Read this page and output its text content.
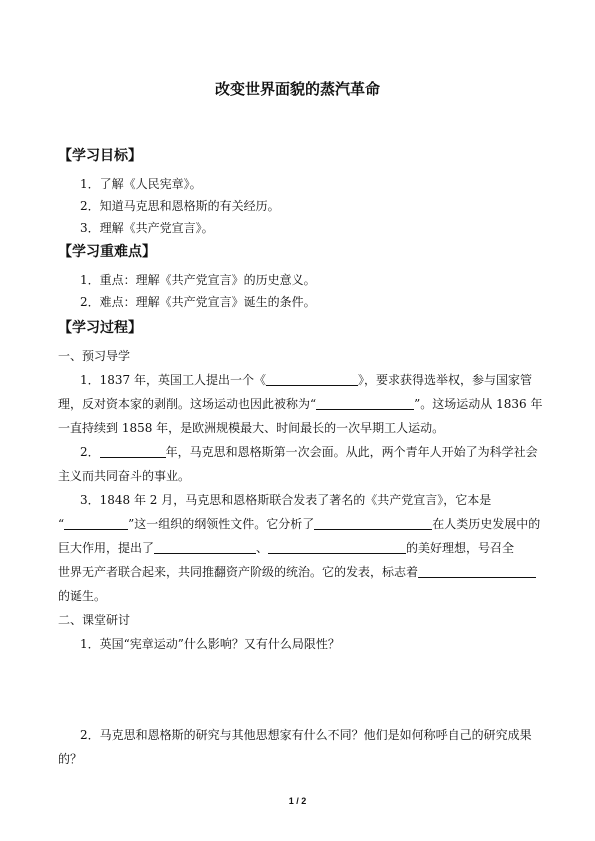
改变世界面貌的蒸汽革命
【学习目标】
1．了解《人民宪章》。
2．知道马克思和恩格斯的有关经历。
3．理解《共产党宣言》。
【学习重难点】
1．重点：理解《共产党宣言》的历史意义。
2．难点：理解《共产党宣言》诞生的条件。
【学习过程】
一、预习导学
1．1837 年，英国工人提出一个《	》，要求获得选举权，参与国家管
理，反对资本家的剥削。这场运动也因此被称为“	”。这场运动从 1836 年
一直持续到 1858 年，是欧洲规模最大、时间最长的一次早期工人运动。
2．	年，马克思和恩格斯第一次会面。从此，两个青年人开始了为科学社会
主义而共同奋斗的事业。
3．1848 年 2 月，马克思和恩格斯联合发表了著名的《共产党宣言》，它本是
“	”这一组织的纲领性文件。它分析了	在人类历史发展中的
巨大作用，提出了	、	的美好理想，号召全
世界无产者联合起来，共同推翻资产阶级的统治。它的发表，标志着
的诞生。
二、课堂研讨
1．英国“宪章运动”什么影响？又有什么局限性？
2．马克思和恩格斯的研究与其他思想家有什么不同？他们是如何称呼自己的研究成果
的？
1 / 2
